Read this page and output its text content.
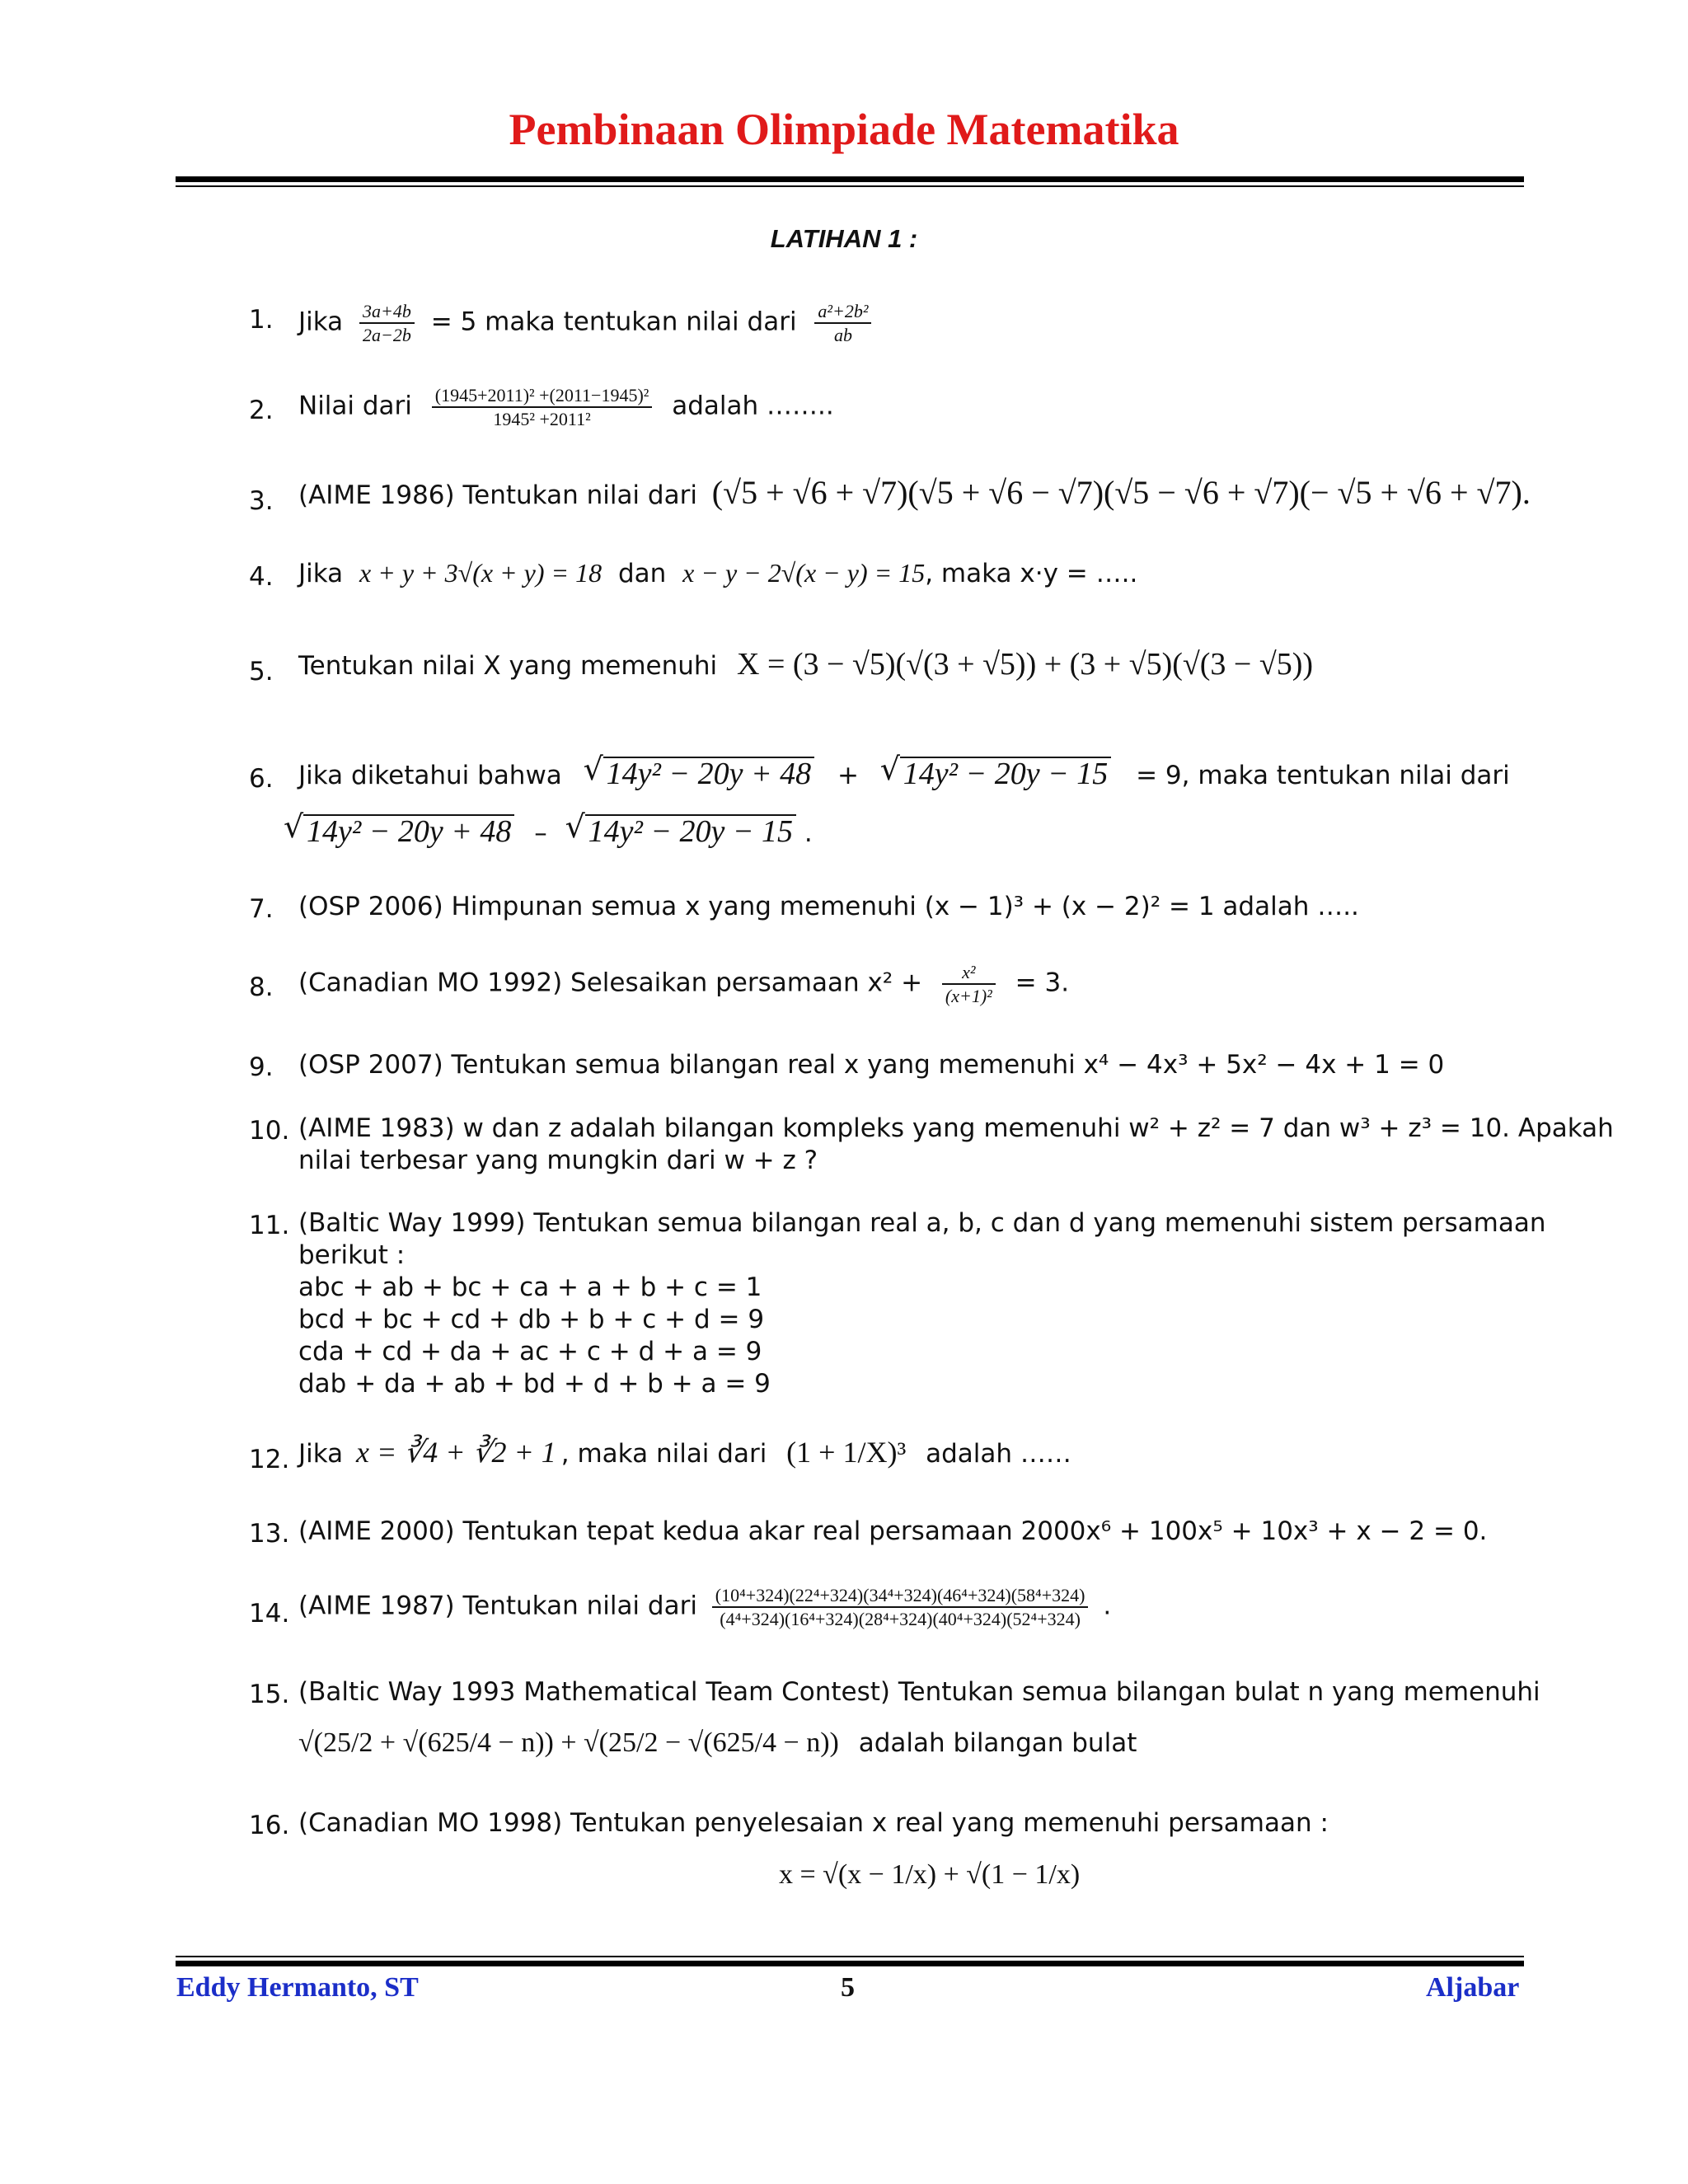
Pembinaan Olimpiade Matematika
LATIHAN 1 :
1. Jika $\frac{3a+4b}{2a-2b} = 5$ maka tentukan nilai dari $\frac{\text{a²+2b²}}{ab}$
2. Nilai dari $\frac{\text{(1945+2011)² +(2011−1945)²}}{\text{1945² +2011²}}$ adalah ……..
3. (AIME 1986) Tentukan nilai dari (√5 + √6 + √7)(√5 + √6 − √7)(√5 − √6 + √7)(− √5 + √6 + √7).
4. Jika x + y + 3√(x + y) = 18 dan x − y − 2√(x − y) = 15, maka x⋅y = …..
5. Tentukan nilai X yang memenuhi X = (3 − √5)(√(3 + √5)) + (3 + √5)(√(3 − √5))
6. Jika diketahui bahwa √ 14y² − 20y + 48 + √ 14y² − 20y − 15 = 9, maka tentukan nilai dari
√ 14y² − 20y + 48 – √ 14y² − 20y − 15 .
7. (OSP 2006) Himpunan semua x yang memenuhi (x − 1)³ + (x − 2)² = 1 adalah …..
8. (Canadian MO 1992) Selesaikan persamaan $x^2 + \frac{\text{x²}}{\text{(x+1)²}} = 3$.
9. (OSP 2007) Tentukan semua bilangan real x yang memenuhi x⁴ − 4x³ + 5x² − 4x + 1 = 0
10. (AIME 1983) w dan z adalah bilangan kompleks yang memenuhi w² + z² = 7 dan w³ + z³ = 10. Apakah
nilai terbesar yang mungkin dari w + z ?
11. (Baltic Way 1999) Tentukan semua bilangan real a, b, c dan d yang memenuhi sistem persamaan
berikut :
abc + ab + bc + ca + a + b + c = 1
bcd + bc + cd + db + b + c + d = 9
cda + cd + da + ac + c + d + a = 9
dab + da + ab + bd + d + b + a = 9
12. Jika x = ∛4 + ∛2 + 1 , maka nilai dari (1 + 1/X)³ adalah ……
13. (AIME 2000) Tentukan tepat kedua akar real persamaan 2000x⁶ + 100x⁵ + 10x³ + x − 2 = 0.
14. (AIME 1987) Tentukan nilai dari $\frac{\text{(10⁴+324)(22⁴+324)(34⁴+324)(46⁴+324)(58⁴+324)}}{\text{(4⁴+324)(16⁴+324)(28⁴+324)(40⁴+324)(52⁴+324)}}$ .
15. (Baltic Way 1993 Mathematical Team Contest) Tentukan semua bilangan bulat n yang memenuhi
√(25/2 + √(625/4 − n)) + √(25/2 − √(625/4 − n)) adalah bilangan bulat
16. (Canadian MO 1998) Tentukan penyelesaian x real yang memenuhi persamaan :
x = √(x − 1/x) + √(1 − 1/x)
Eddy Hermanto, ST	5	Aljabar
